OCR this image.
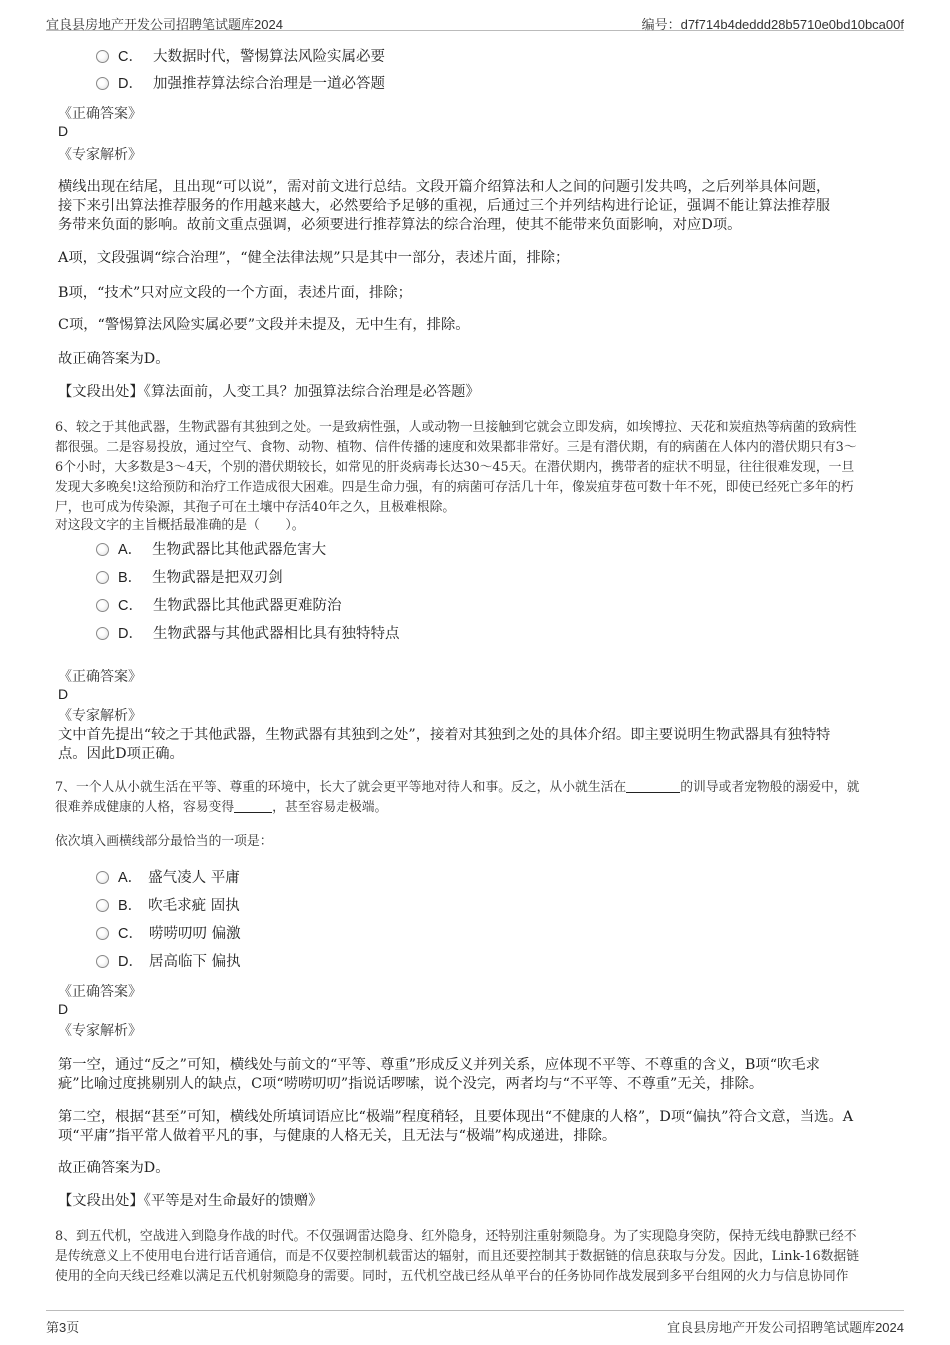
宜良县房地产开发公司招聘笔试题库2024	编号：d7f714b4deddd28b5710e0bd10bca00f
C． 大数据时代，警惕算法风险实属必要
D． 加强推荐算法综合治理是一道必答题
《正确答案》
D
《专家解析》
横线出现在结尾，且出现“可以说”，需对前文进行总结。文段开篇介绍算法和人之间的问题引发共鸣，之后列举具体问题，
接下来引出算法推荐服务的作用越来越大，必然要给予足够的重视，后通过三个并列结构进行论证，强调不能让算法推荐服
务带来负面的影响。故前文重点强调，必须要进行推荐算法的综合治理，使其不能带来负面影响，对应D项。
A项，文段强调“综合治理”，“健全法律法规”只是其中一部分，表述片面，排除；
B项，“技术”只对应文段的一个方面，表述片面，排除；
C项，“警惕算法风险实属必要”文段并未提及，无中生有，排除。
故正确答案为D。
【文段出处】《算法面前，人变工具？加强算法综合治理是必答题》
6、较之于其他武器，生物武器有其独到之处。一是致病性强，人或动物一旦接触到它就会立即发病，如埃博拉、天花和炭疽热等病菌的致病性
都很强。二是容易投放，通过空气、食物、动物、植物、信件传播的速度和效果都非常好。三是有潜伏期，有的病菌在人体内的潜伏期只有3～
6个小时，大多数是3～4天，个别的潜伏期较长，如常见的肝炎病毒长达30～45天。在潜伏期内，携带者的症状不明显，往往很难发现，一旦
发现大多晚矣!这给预防和治疗工作造成很大困难。四是生命力强，有的病菌可存活几十年，像炭疽芽苞可数十年不死，即使已经死亡多年的朽
尸，也可成为传染源，其孢子可在土壤中存活40年之久，且极难根除。
对这段文字的主旨概括最准确的是（　　）。
A． 生物武器比其他武器危害大
B． 生物武器是把双刃剑
C． 生物武器比其他武器更难防治
D． 生物武器与其他武器相比具有独特特点
《正确答案》
D
《专家解析》
文中首先提出“较之于其他武器，生物武器有其独到之处”，接着对其独到之处的具体介绍。即主要说明生物武器具有独特特
点。因此D项正确。
7、一个人从小就生活在平等、尊重的环境中，长大了就会更平等地对待人和事。反之，从小就生活在	的训导或者宠物般的溺爱中，就
很难养成健康的人格，容易变得	，甚至容易走极端。
依次填入画横线部分最恰当的一项是：
A． 盛气凌人 平庸
B． 吹毛求疵 固执
C． 唠唠叨叨 偏激
D． 居高临下 偏执
《正确答案》
D
《专家解析》
第一空，通过“反之”可知，横线处与前文的“平等、尊重”形成反义并列关系，应体现不平等、不尊重的含义，B项“吹毛求
疵”比喻过度挑剔别人的缺点，C项“唠唠叨叨”指说话啰嗦，说个没完，两者均与“不平等、不尊重”无关，排除。
第二空，根据“甚至”可知，横线处所填词语应比“极端”程度稍轻，且要体现出“不健康的人格”，D项“偏执”符合文意，当选。A
项“平庸”指平常人做着平凡的事，与健康的人格无关，且无法与“极端”构成递进，排除。
故正确答案为D。
【文段出处】《平等是对生命最好的馈赠》
8、到五代机，空战进入到隐身作战的时代。不仅强调雷达隐身、红外隐身，还特别注重射频隐身。为了实现隐身突防，保持无线电静默已经不
是传统意义上不使用电台进行话音通信，而是不仅要控制机载雷达的辐射，而且还要控制其于数据链的信息获取与分发。因此，Link-16数据链
使用的全向天线已经难以满足五代机射频隐身的需要。同时，五代机空战已经从单平台的任务协同作战发展到多平台组网的火力与信息协同作
第3页	宜良县房地产开发公司招聘笔试题库2024
